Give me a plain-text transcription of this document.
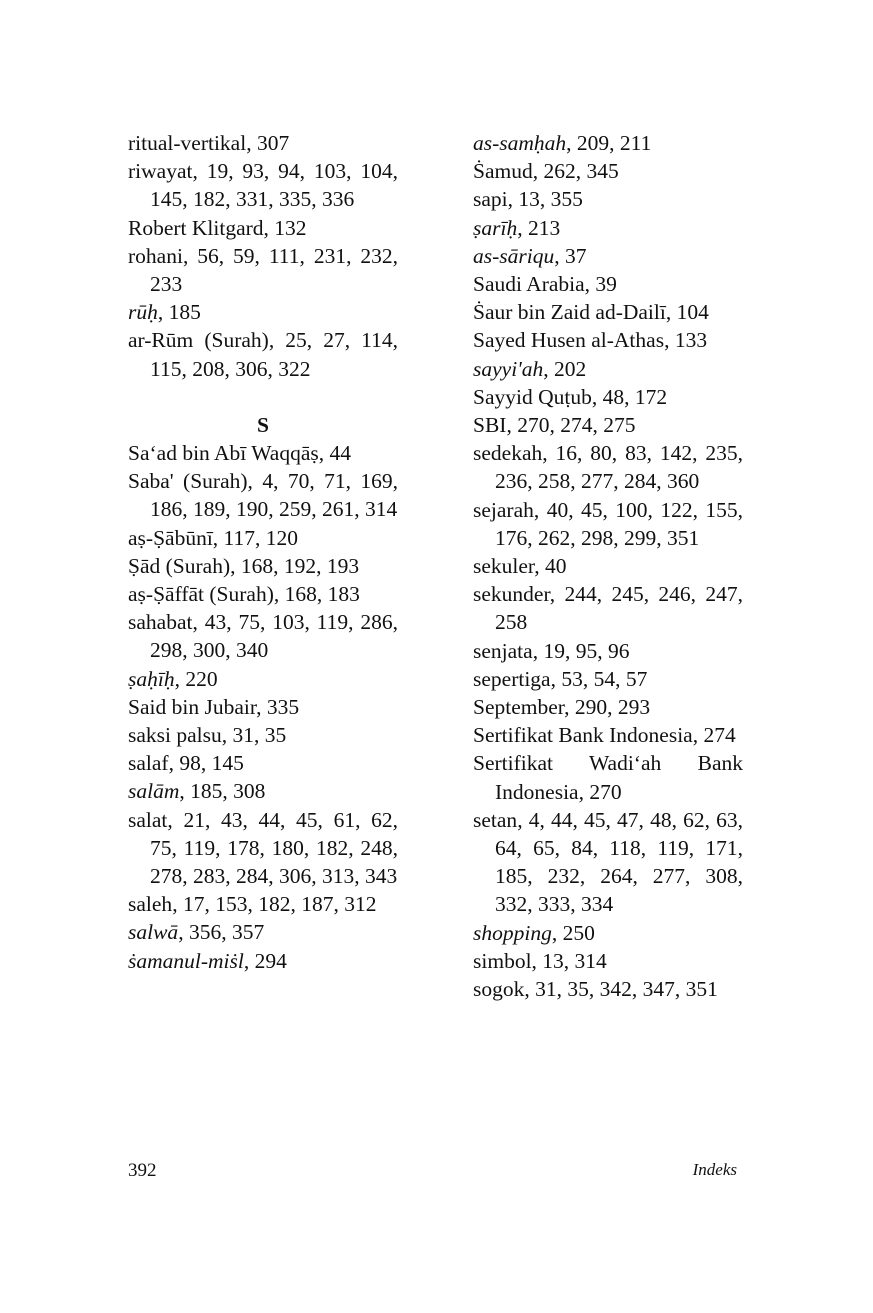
ritual-vertikal, 307

riwayat, 19, 93, 94, 103, 104, 145, 182, 331, 335, 336

Robert Klitgard, 132

rohani, 56, 59, 111, 231, 232, 233

rūḥ, 185

ar-Rūm (Surah), 25, 27, 114, 115, 208, 306, 322

S

Sa‘ad bin Abī Waqqāṣ, 44

Saba' (Surah), 4, 70, 71, 169, 186, 189, 190, 259, 261, 314

aṣ-Ṣābūnī, 117, 120

Ṣād (Surah), 168, 192, 193

aṣ-Ṣāffāt (Surah), 168, 183

sahabat, 43, 75, 103, 119, 286, 298, 300, 340

ṣaḥīḥ, 220

Said bin Jubair, 335

saksi palsu, 31, 35

salaf, 98, 145

salām, 185, 308

salat, 21, 43, 44, 45, 61, 62, 75, 119, 178, 180, 182, 248, 278, 283, 284, 306, 313, 343

saleh, 17, 153, 182, 187, 312

salwā, 356, 357

ṡamanul-miṡl, 294

as-samḥah, 209, 211

Ṡamud, 262, 345

sapi, 13, 355

ṣarīḥ, 213

as-sāriqu, 37

Saudi Arabia, 39

Ṡaur bin Zaid ad-Dailī, 104

Sayed Husen al-Athas, 133

sayyi'ah, 202

Sayyid Quṭub, 48, 172

SBI, 270, 274, 275

sedekah, 16, 80, 83, 142, 235, 236, 258, 277, 284, 360

sejarah, 40, 45, 100, 122, 155, 176, 262, 298, 299, 351

sekuler, 40

sekunder, 244, 245, 246, 247, 258

senjata, 19, 95, 96

sepertiga, 53, 54, 57

September, 290, 293

Sertifikat Bank Indonesia, 274

Sertifikat Wadi‘ah Bank Indonesia, 270

setan, 4, 44, 45, 47, 48, 62, 63, 64, 65, 84, 118, 119, 171, 185, 232, 264, 277, 308, 332, 333, 334

shopping, 250

simbol, 13, 314

sogok, 31, 35, 342, 347, 351

392	Indeks
